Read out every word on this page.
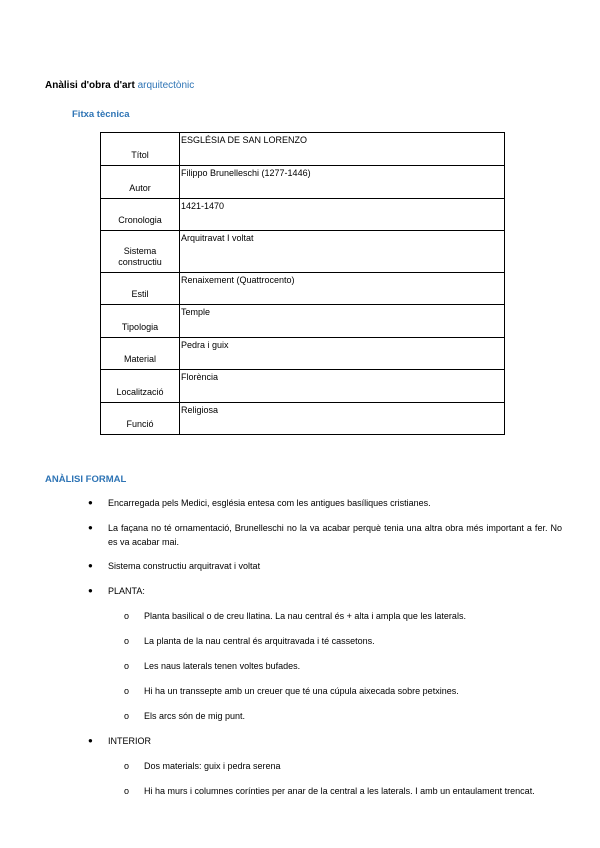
Anàlisi d'obra d'art arquitectònic
Fitxa tècnica
Títol	ESGLÉSIA DE SAN LORENZO
Autor	Filippo Brunelleschi (1277-1446)
Cronologia	1421-1470
Sistema constructiu	Arquitravat I voltat
Estil	Renaixement (Quattrocento)
Tipologia	Temple
Material	Pedra i guix
Localització	Florència
Funció	Religiosa
ANÀLISI FORMAL
● Encarregada pels Medici, església entesa com les antigues basíliques cristianes.
● La façana no té ornamentació, Brunelleschi no la va acabar perquè tenia una altra obra més important a fer. No es va acabar mai.
● Sistema constructiu arquitravat i voltat
● PLANTA:
o Planta basilical o de creu llatina. La nau central és + alta i ampla que les laterals.
o La planta de la nau central és arquitravada i té cassetons.
o Les naus laterals tenen voltes bufades.
o Hi ha un transsepte amb un creuer que té una cúpula aixecada sobre petxines.
o Els arcs són de mig punt.
● INTERIOR
o Dos materials: guix i pedra serena
o Hi ha murs i columnes corínties per anar de la central a les laterals. I amb un entaulament trencat.
